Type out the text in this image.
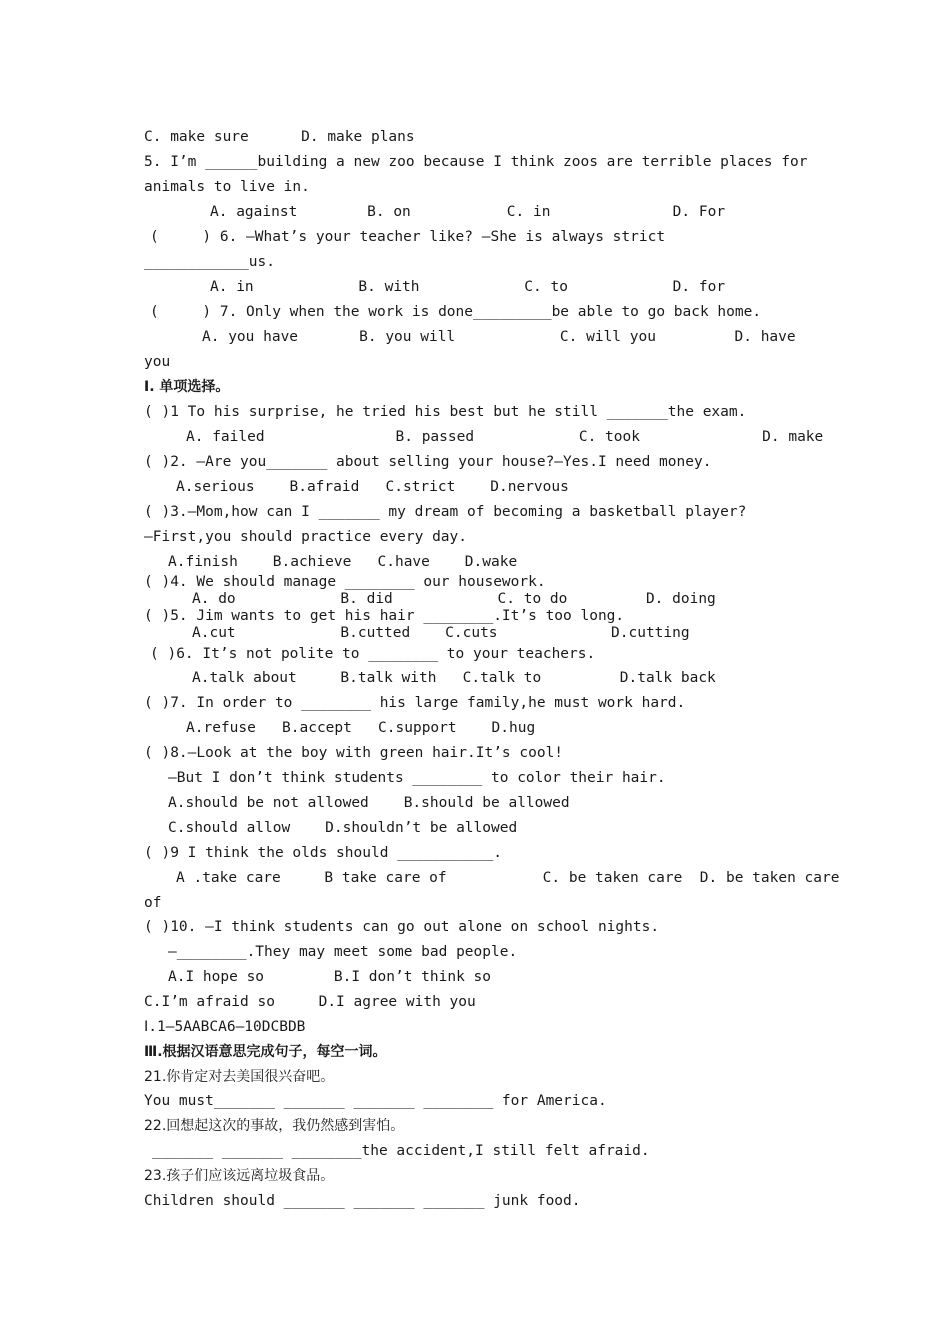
C. make sure      D. make plans
5. I’m ______building a new zoo because I think zoos are terrible places for
animals to live in.
A. against        B. on           C. in              D. For
(     ) 6. —What’s your teacher like? —She is always strict
____________us.
A. in            B. with            C. to            D. for
(     ) 7. Only when the work is done_________be able to go back home.
A. you have       B. you will            C. will you         D. have
you
I. 单项选择。
( )1 To his surprise, he tried his best but he still _______the exam.
A. failed               B. passed            C. took              D. make
( )2. —Are you_______ about selling your house?—Yes.I need money.
A.serious    B.afraid   C.strict    D.nervous
( )3.—Mom,how can I _______ my dream of becoming a basketball player?
—First,you should practice every day.
A.finish    B.achieve   C.have    D.wake
( )4. We should manage ________ our housework.
A. do            B. did            C. to do         D. doing
( )5. Jim wants to get his hair ________.It’s too long.
A.cut            B.cutted    C.cuts             D.cutting
( )6. It’s not polite to ________ to your teachers.
A.talk about     B.talk with   C.talk to         D.talk back
( )7. In order to ________ his large family,he must work hard.
A.refuse   B.accept   C.support    D.hug
( )8.—Look at the boy with green hair.It’s cool!
—But I don’t think students ________ to color their hair.
A.should be not allowed    B.should be allowed
C.should allow    D.shouldn’t be allowed
( )9 I think the olds should ___________.
A .take care     B take care of           C. be taken care  D. be taken care
of
( )10. —I think students can go out alone on school nights.
—________.They may meet some bad people.
A.I hope so        B.I don’t think so
C.I’m afraid so     D.I agree with you
Ⅰ.1—5AABCA6—10DCBDB
Ⅲ.根据汉语意思完成句子，每空一词。
21.你肯定对去美国很兴奋吧。
You must_______ _______ _______ ________ for America.
22.回想起这次的事故，我仍然感到害怕。
_______ _______ ________the accident,I still felt afraid.
23.孩子们应该远离垃圾食品。
Children should _______ _______ _______ junk food.
